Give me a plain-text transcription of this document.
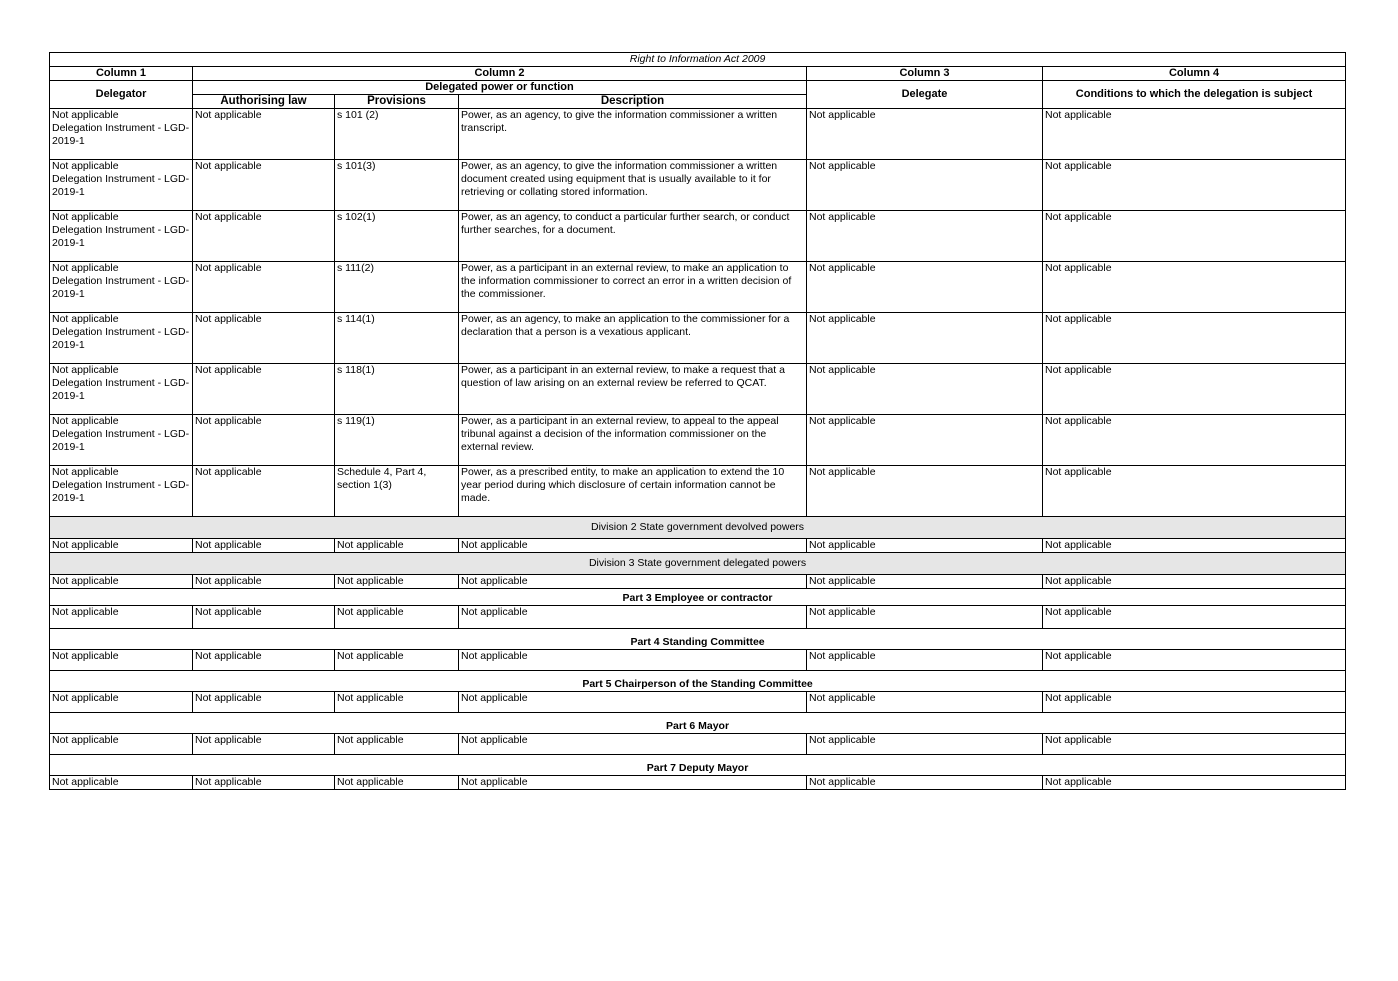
Right to Information Act 2009					
Column 1	Column 2			Column 3	Column 4
Delegator	Delegated power or function			Delegate	Conditions to which the delegation is subject
	Authorising law	Provisions	Description		

Not applicable
Delegation Instrument - LGD-
2019-1	Not applicable	s 101 (2)	Power, as an agency, to give the information commissioner a written transcript.	Not applicable	Not applicable

Not applicable
Delegation Instrument - LGD-
2019-1	Not applicable	s 101(3)	Power, as an agency, to give the information commissioner a written document created using equipment that is usually available to it for retrieving or collating stored information.	Not applicable	Not applicable

Not applicable
Delegation Instrument - LGD-
2019-1	Not applicable	s 102(1)	Power, as an agency, to conduct a particular further search, or conduct further searches, for a document.	Not applicable	Not applicable

Not applicable
Delegation Instrument - LGD-
2019-1	Not applicable	s 111(2)	Power, as a participant in an external review, to make an application to the information commissioner to correct an error in a written decision of the commissioner.	Not applicable	Not applicable

Not applicable
Delegation Instrument - LGD-
2019-1	Not applicable	s 114(1)	Power, as an agency, to make an application to the commissioner for a declaration that a person is a vexatious applicant.	Not applicable	Not applicable

Not applicable
Delegation Instrument - LGD-
2019-1	Not applicable	s 118(1)	Power, as a participant in an external review, to make a request that a question of law arising on an external review be referred to QCAT.	Not applicable	Not applicable

Not applicable
Delegation Instrument - LGD-
2019-1	Not applicable	s 119(1)	Power, as a participant in an external review, to appeal to the appeal tribunal against a decision of the information commissioner on the external review.	Not applicable	Not applicable

Not applicable
Delegation Instrument - LGD-
2019-1	Not applicable	Schedule 4, Part 4, section 1(3)	Power, as a prescribed entity, to make an application to extend the 10 year period during which disclosure of certain information cannot be made.	Not applicable	Not applicable
Division 2 State government devolved powers					
Not applicable	Not applicable	Not applicable	Not applicable	Not applicable	Not applicable
Division 3 State government delegated powers					
Not applicable	Not applicable	Not applicable	Not applicable	Not applicable	Not applicable
Part 3 Employee or contractor					
Not applicable	Not applicable	Not applicable	Not applicable	Not applicable	Not applicable
Part 4 Standing Committee					
Not applicable	Not applicable	Not applicable	Not applicable	Not applicable	Not applicable
Part 5 Chairperson of the Standing Committee					
Not applicable	Not applicable	Not applicable	Not applicable	Not applicable	Not applicable
Part 6 Mayor					
Not applicable	Not applicable	Not applicable	Not applicable	Not applicable	Not applicable
Part 7 Deputy Mayor					
Not applicable	Not applicable	Not applicable	Not applicable	Not applicable	Not applicable
